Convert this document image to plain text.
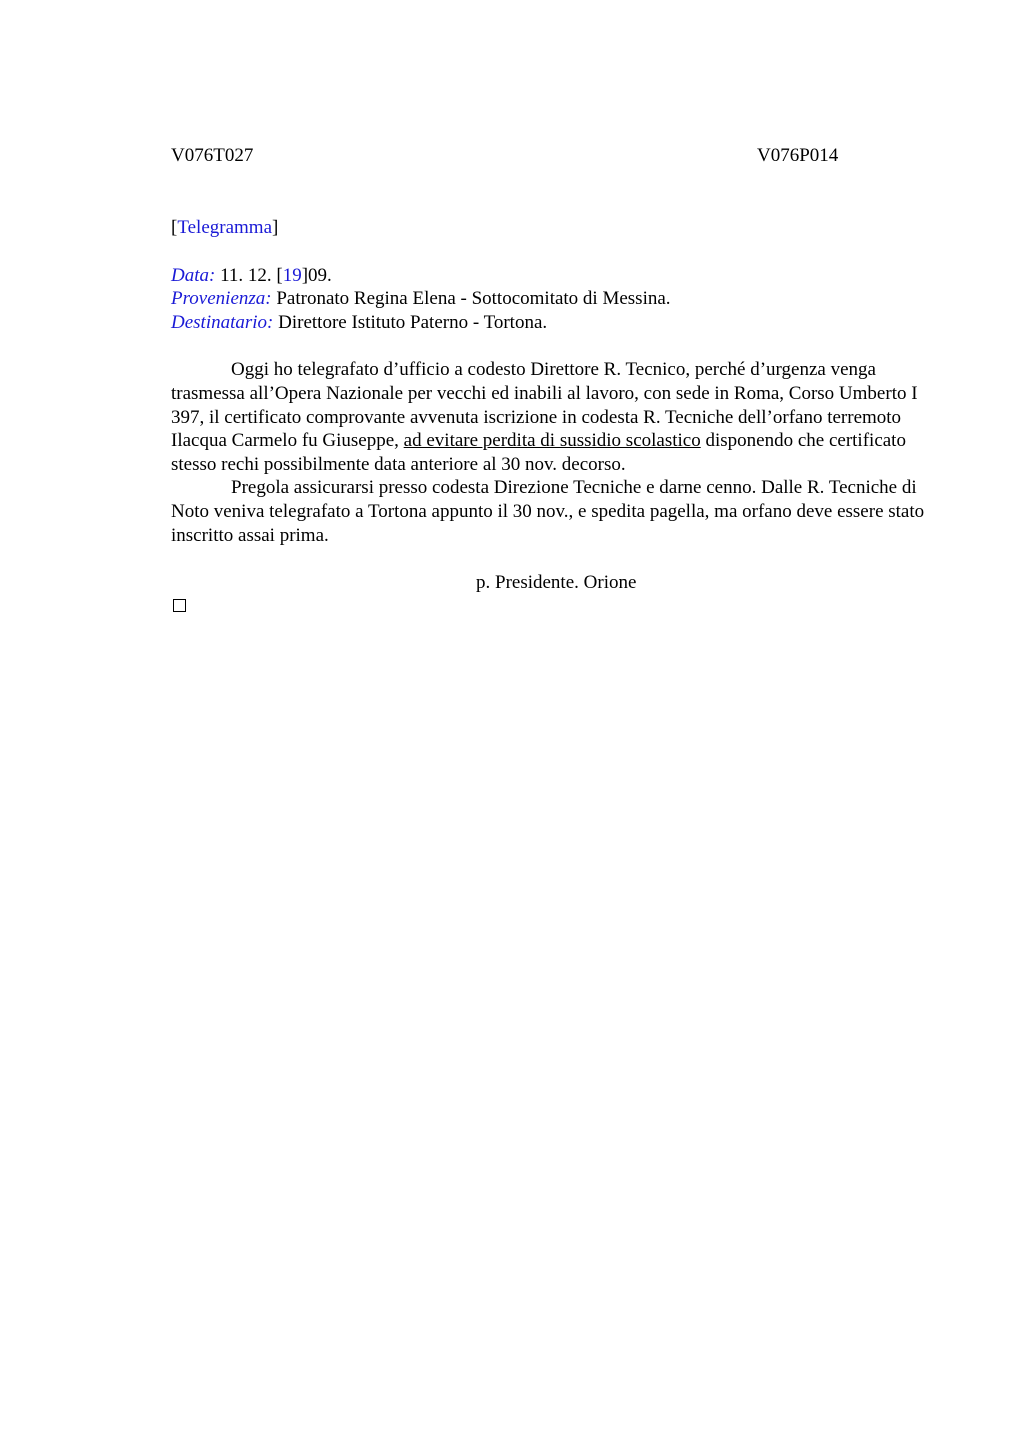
V076T027	V076P014
[Telegramma]
Data: 11. 12. [19]09.
Provenienza: Patronato Regina Elena - Sottocomitato di Messina.
Destinatario: Direttore Istituto Paterno - Tortona.

Oggi ho telegrafato d’ufficio a codesto Direttore R. Tecnico, perché d’urgenza venga trasmessa all’Opera Nazionale per vecchi ed inabili al lavoro, con sede in Roma, Corso Umberto I 397, il certificato comprovante avvenuta iscrizione in codesta R. Tecniche dell’orfano terremoto Ilacqua Carmelo fu Giuseppe, ad evitare perdita di sussidio scolastico disponendo che certificato stesso rechi possibilmente data anteriore al 30 nov. decorso.

Pregola assicurarsi presso codesta Direzione Tecniche e darne cenno. Dalle R. Tecniche di Noto veniva telegrafato a Tortona appunto il 30 nov., e spedita pagella, ma orfano deve essere stato inscritto assai prima.

p. Presidente. Orione
